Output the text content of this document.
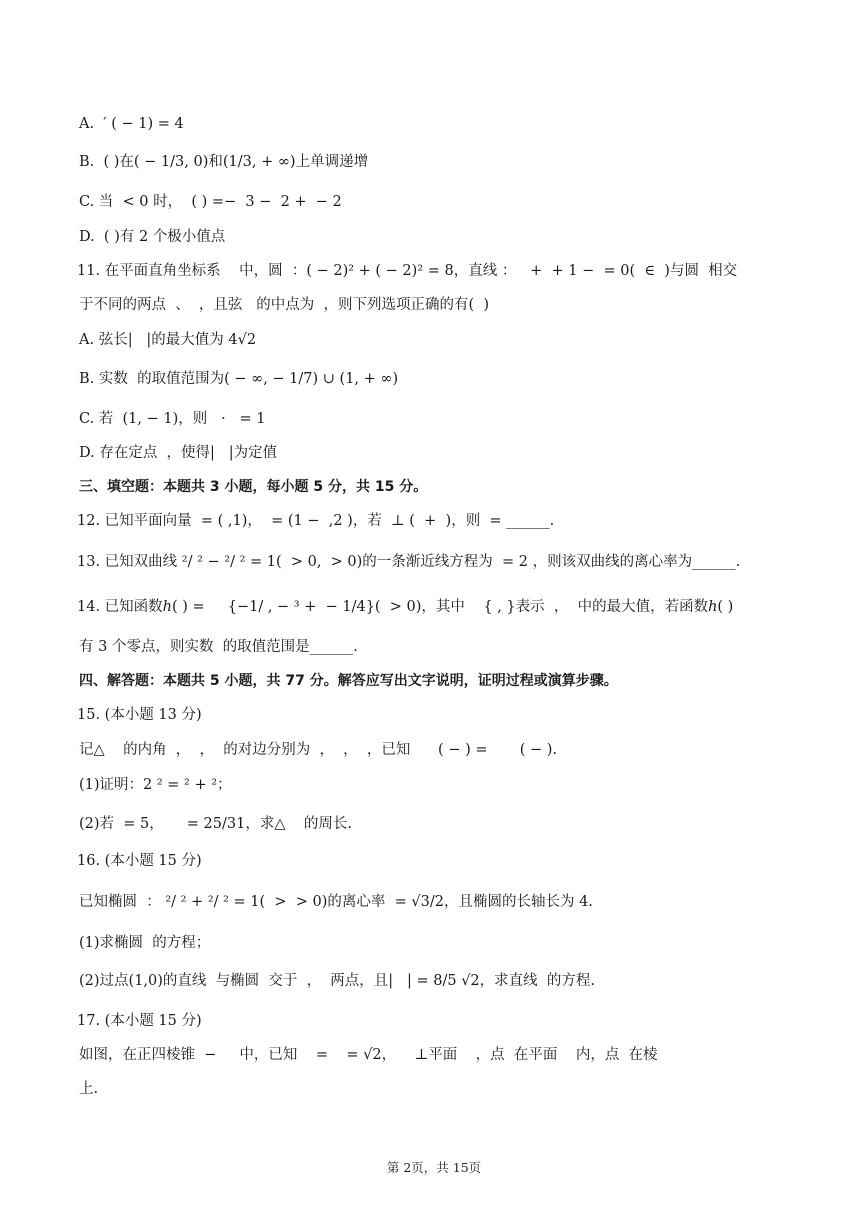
A.  ′ ( − 1) = 4
B.  ( )在( − 1/3, 0)和(1/3, + ∞)上单调递增
C. 当  < 0 时，  ( ) =−  3 −  2 +  − 2
D.  ( )有 2 个极小值点
11. 在平面直角坐标系    中，圆  ：( − 2)² + ( − 2)² = 8，直线 ：   +  + 1 −  = 0(  ∈  )与圆  相交
于不同的两点  、  ，且弦   的中点为  ，则下列选项正确的有(  )
A. 弦长|   |的最大值为 4√2
B. 实数  的取值范围为( − ∞, − 1/7) ∪ (1, + ∞)
C. 若  (1, − 1)，则   ·   = 1
D. 存在定点  ，使得|   |为定值
三、填空题：本题共 3 小题，每小题 5 分，共 15 分。
12. 已知平面向量  = ( ,1)，  = (1 −  ,2 )，若  ⊥ (  +  )，则  = ______.
13. 已知双曲线 ²/ ² − ²/ ² = 1(  > 0,  > 0)的一条渐近线方程为  = 2 ，则该双曲线的离心率为______.
14. 已知函数ℎ( ) =     {−1/ , − ³ +  − 1/4}(  > 0)，其中    { , }表示  ，  中的最大值，若函数ℎ( )
有 3 个零点，则实数  的取值范围是______.
四、解答题：本题共 5 小题，共 77 分。解答应写出文字说明，证明过程或演算步骤。
15. (本小题 13 分)
记△    的内角  ，  ，  的对边分别为  ，  ，  ，已知      ( − ) =       ( − ).
(1)证明：2 ² = ² + ²；
(2)若  = 5，     = 25/31，求△    的周长.
16. (本小题 15 分)
已知椭圆  ： ²/ ² + ²/ ² = 1(  >  > 0)的离心率  = √3/2，且椭圆的长轴长为 4.
(1)求椭圆  的方程；
(2)过点(1,0)的直线  与椭圆  交于  ，  两点，且|   | = 8/5 √2，求直线  的方程.
17. (本小题 15 分)
如图，在正四棱锥  −     中，已知    =    = √2，    ⊥平面    ，点  在平面    内，点  在棱
上.
第 2页，共 15页
